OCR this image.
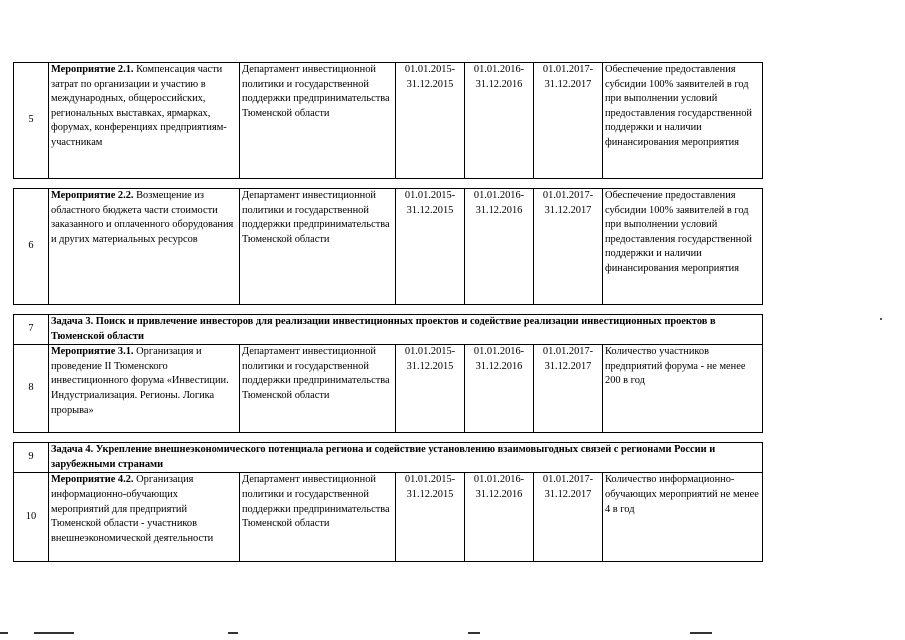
5	Мероприятие 2.1. Компенсация части затрат по организации и участию в международных, общероссийских, региональных выставках, ярмарках, форумах, конференциях предприятиям-участникам	Департамент инвестиционной политики и государственной поддержки предпринимательства Тюменской области	01.01.2015-31.12.2015	01.01.2016-31.12.2016	01.01.2017-31.12.2017	Обеспечение предоставления субсидии 100% заявителей в год при выполнении условий предоставления государственной поддержки и наличии финансирования мероприятия

6	Мероприятие 2.2. Возмещение из областного бюджета части стоимости заказанного и оплаченного оборудования и других материальных ресурсов	Департамент инвестиционной политики и государственной поддержки предпринимательства Тюменской области	01.01.2015-31.12.2015	01.01.2016-31.12.2016	01.01.2017-31.12.2017	Обеспечение предоставления субсидии 100% заявителей в год при выполнении условий предоставления государственной поддержки и наличии финансирования мероприятия

7	Задача 3. Поиск и привлечение инвесторов для реализации инвестиционных проектов и содействие реализации инвестиционных проектов в Тюменской области					
8	Мероприятие 3.1. Организация и проведение II Тюменского инвестиционного форума «Инвестиции. Индустриализация. Регионы. Логика прорыва»	Департамент инвестиционной политики и государственной поддержки предпринимательства Тюменской области	01.01.2015-31.12.2015	01.01.2016-31.12.2016	01.01.2017-31.12.2017	Количество участников предприятий форума - не менее 200 в год

9	Задача 4. Укрепление внешнеэкономического потенциала региона и содействие установлению взаимовыгодных связей с регионами России и зарубежными странами					
10	Мероприятие 4.2. Организация информационно-обучающих мероприятий для предприятий Тюменской области - участников внешнеэкономической деятельности	Департамент инвестиционной политики и государственной поддержки предпринимательства Тюменской области	01.01.2015-31.12.2015	01.01.2016-31.12.2016	01.01.2017-31.12.2017	Количество информационно-обучающих мероприятий не менее 4 в год
